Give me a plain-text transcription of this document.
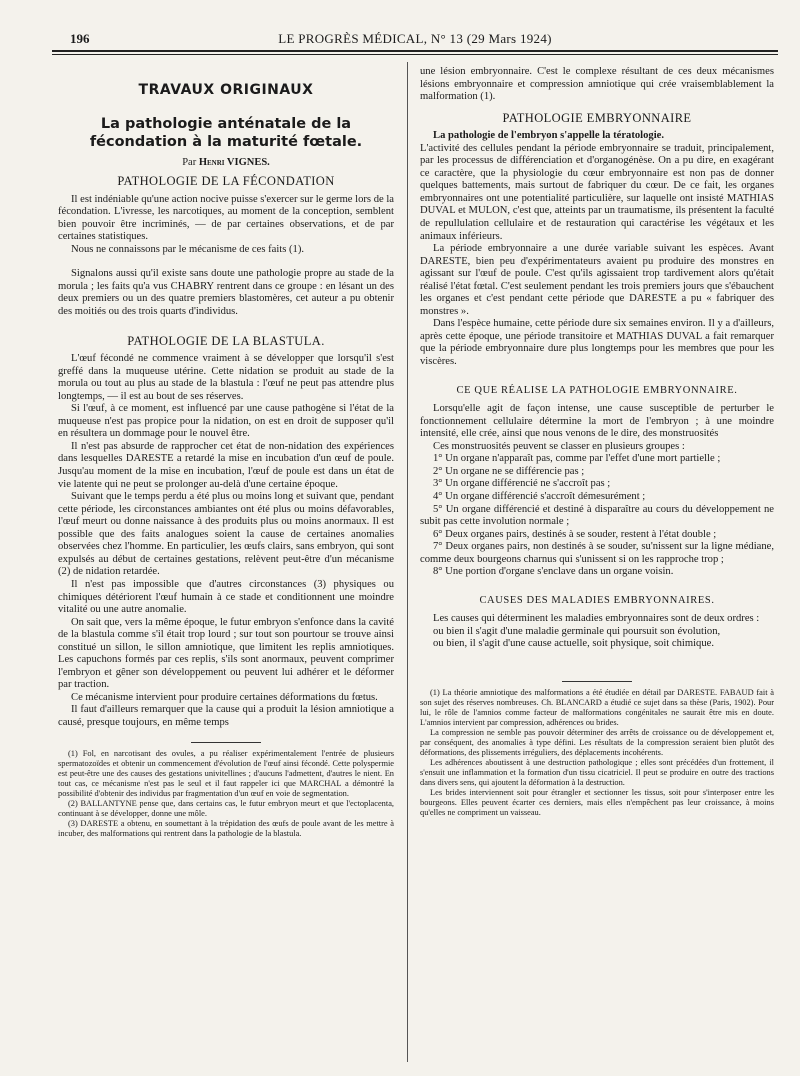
196	LE PROGRÈS MÉDICAL, N° 13 (29 Mars 1924)
TRAVAUX ORIGINAUX
La pathologie anténatale de la fécondation à la maturité fœtale.
Par Henri VIGNES.
PATHOLOGIE DE LA FÉCONDATION

Il est indéniable qu'une action nocive puisse s'exercer sur le germe lors de la fécondation. L'ivresse, les narcotiques, au moment de la conception, semblent bien pouvoir être incriminés, — de par certaines observations, et de par certaines statistiques.

Nous ne connaissons par le mécanisme de ces faits (1).

Signalons aussi qu'il existe sans doute une pathologie propre au stade de la morula ; les faits qu'a vus CHABRY rentrent dans ce groupe : en lésant un des deux premiers ou un des quatre premiers blastomères, cet auteur a pu obtenir des moitiés ou des trois quarts d'individus.

PATHOLOGIE DE LA BLASTULA.

L'œuf fécondé ne commence vraiment à se développer que lorsqu'il s'est greffé dans la muqueuse utérine. Cette nidation se produit au stade de la morula ou tout au plus au stade de la blastula : l'œuf ne peut pas attendre plus longtemps, — il est au bout de ses réserves.

Si l'œuf, à ce moment, est influencé par une cause pathogène si l'état de la muqueuse n'est pas propice pour la nidation, on est en droit de supposer qu'il en résultera un dommage pour le nouvel être.

Il n'est pas absurde de rapprocher cet état de non-nidation des expériences dans lesquelles DARESTE a retardé la mise en incubation d'un œuf de poule. Jusqu'au moment de la mise en incubation, l'œuf de poule est dans un état de vie latente qui ne peut se prolonger au-delà d'une certaine époque.

Suivant que le temps perdu a été plus ou moins long et suivant que, pendant cette période, les circonstances ambiantes ont été plus ou moins défavorables, l'œuf meurt ou donne naissance à des produits plus ou moins anormaux. Il est possible que des faits analogues soient la cause de certaines anomalies observées chez l'homme. En particulier, les œufs clairs, sans embryon, qui sont expulsés au début de certaines gestations, relèvent peut-être d'un mécanisme (2) de nidation retardée.

Il n'est pas impossible que d'autres circonstances (3) physiques ou chimiques détériorent l'œuf humain à ce stade et conditionnent une moindre vitalité ou une autre anomalie.

On sait que, vers la même époque, le futur embryon s'enfonce dans la cavité de la blastula comme s'il était trop lourd ; sur tout son pourtour se trouve ainsi constitué un sillon, le sillon amniotique, que limitent les replis amniotiques. Les capuchons formés par ces replis, s'ils sont anormaux, peuvent comprimer l'embryon et gêner son développement ou peuvent lui adhérer et le déformer par traction.

Ce mécanisme intervient pour produire certaines déformations du fœtus.

Il faut d'ailleurs remarquer que la cause qui a produit la lésion amniotique a causé, presque toujours, en même temps

(1) Fol, en narcotisant des ovules, a pu réaliser expérimentalement l'entrée de plusieurs spermatozoïdes et obtenir un commencement d'évolution de l'œuf ainsi fécondé. Cette polyspermie est peut-être une des causes des gestations univitellines ; d'aucuns l'admettent, d'autres le nient. En tout cas, ce mécanisme n'est pas le seul et il faut rappeler ici que MARCHAL a démontré la possibilité d'obtenir des individus par fragmentation d'un œuf en voie de segmentation.

(2) BALLANTYNE pense que, dans certains cas, le futur embryon meurt et que l'ectoplacenta, continuant à se développer, donne une môle.

(3) DARESTE a obtenu, en soumettant à la trépidation des œufs de poule avant de les mettre à incuber, des malformations qui rentrent dans la pathologie de la blastula.

une lésion embryonnaire. C'est le complexe résultant de ces deux mécanismes lésions embryonnaire et compression amniotique qui crée vraisemblablement la malformation (1).

PATHOLOGIE EMBRYONNAIRE

La pathologie de l'embryon s'appelle la tératologie.

L'activité des cellules pendant la période embryonnaire se traduit, principalement, par les processus de différenciation et d'organogénèse. On a pu dire, en exagérant ce caractère, que la physiologie du cœur embryonnaire est non pas de donner quelques battements, mais surtout de fabriquer du cœur. De ce fait, les organes embryonnaires ont une potentialité particulière, sur laquelle ont insisté MATHIAS DUVAL et MULON, c'est que, atteints par un traumatisme, ils présentent la faculté de repullulation cellulaire et de restauration qui caractérise les végétaux et les animaux inférieurs.

La période embryonnaire a une durée variable suivant les espèces. Avant DARESTE, bien peu d'expérimentateurs avaient pu produire des monstres en agissant sur l'œuf de poule. C'est qu'ils agissaient trop tardivement alors qu'était réalisé l'état fœtal. C'est seulement pendant les trois premiers jours que s'ébauchent les organes et c'est pendant cette période que DARESTE a pu « fabriquer des monstres ».

Dans l'espèce humaine, cette période dure six semaines environ. Il y a d'ailleurs, après cette époque, une période transitoire et MATHIAS DUVAL a fait remarquer que la période embryonnaire dure plus longtemps pour les membres que pour les viscères.

CE QUE RÉALISE LA PATHOLOGIE EMBRYONNAIRE.

Lorsqu'elle agit de façon intense, une cause susceptible de perturber le fonctionnement cellulaire détermine la mort de l'embryon ; à une moindre intensité, elle crée, ainsi que nous venons de le dire, des monstruosités

Ces monstruosités peuvent se classer en plusieurs groupes :

1° Un organe n'apparaît pas, comme par l'effet d'une mort partielle ;

2° Un organe ne se différencie pas ;

3° Un organe différencié ne s'accroît pas ;

4° Un organe différencié s'accroît démesurément ;

5° Un organe différencié et destiné à disparaître au cours du développement ne subit pas cette involution normale ;

6° Deux organes pairs, destinés à se souder, restent à l'état double ;

7° Deux organes pairs, non destinés à se souder, su'nissent sur la ligne médiane, comme deux bourgeons charnus qui s'unissent si on les rapproche trop ;

8° Une portion d'organe s'enclave dans un organe voisin.

CAUSES DES MALADIES EMBRYONNAIRES.

Les causes qui déterminent les maladies embryonnaires sont de deux ordres :

ou bien il s'agit d'une maladie germinale qui poursuit son évolution,

ou bien, il s'agit d'une cause actuelle, soit physique, soit chimique.

(1) La théorie amniotique des malformations a été étudiée en détail par DARESTE. FABAUD fait à son sujet des réserves nombreuses. Ch. BLANCARD a étudié ce sujet dans sa thèse (Paris, 1902). Pour lui, le rôle de l'amnios comme facteur de malformations congénitales ne saurait être mis en doute. L'amnios intervient par compression, adhérences ou brides.

La compression ne semble pas pouvoir déterminer des arrêts de croissance ou de développement et, par conséquent, des anomalies à type défini. Les résultats de la compression seraient bien plutôt des déformations, des plissements irréguliers, des déplacements incohérents.

Les adhérences aboutissent à une destruction pathologique ; elles sont précédées d'un frottement, il s'ensuit une inflammation et la formation d'un tissu cicatriciel. Il peut se produire en outre des tractions dans divers sens, qui ajoutent la déformation à la destruction.

Les brides interviennent soit pour étrangler et sectionner les tissus, soit pour s'interposer entre les bourgeons. Elles peuvent écarter ces derniers, mais elles n'empêchent pas leur croissance, à moins qu'elles ne compriment un vaisseau.
